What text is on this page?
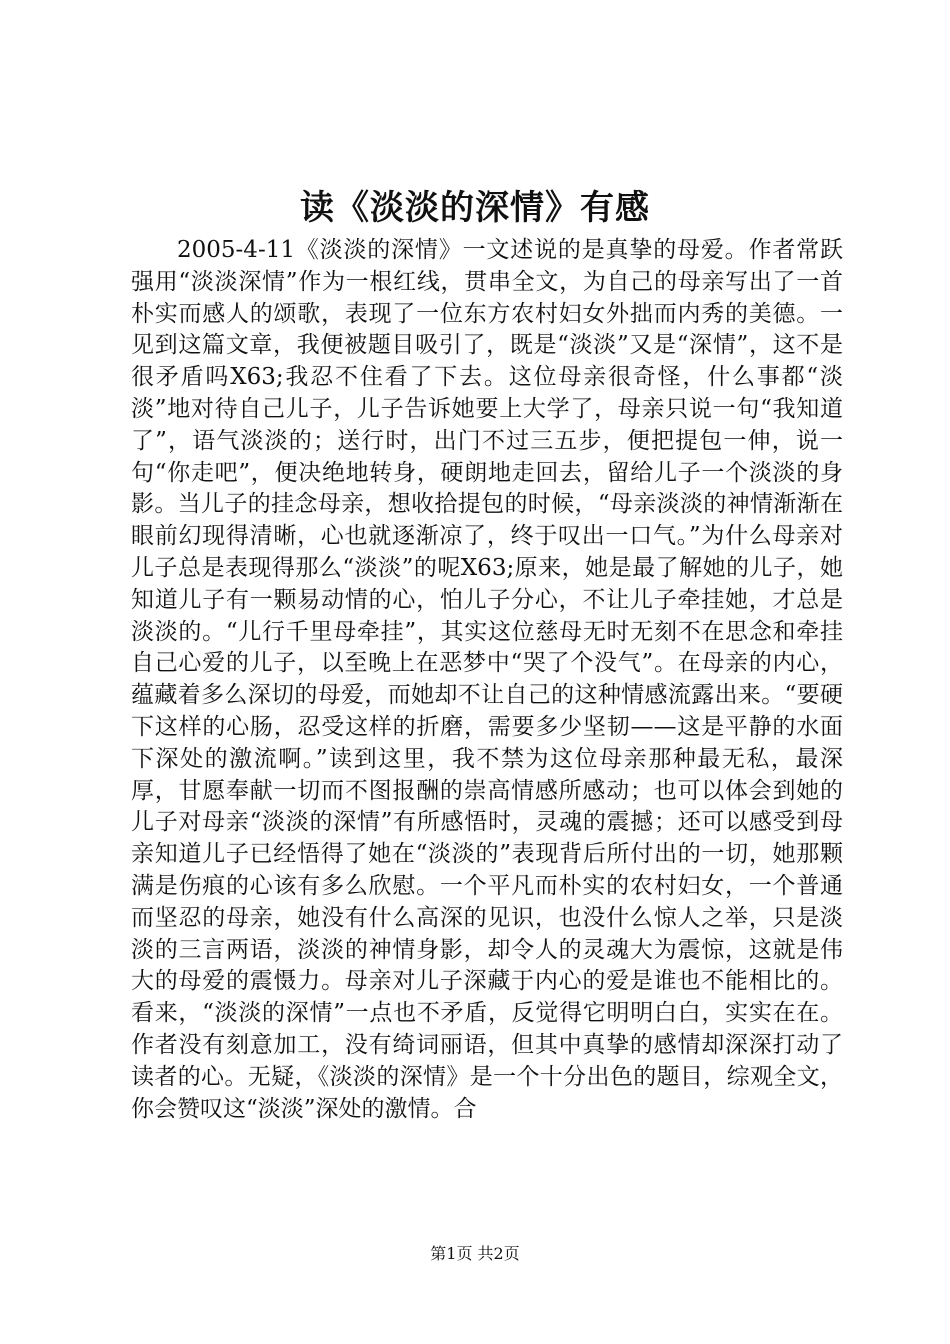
读《淡淡的深情》有感

2005-4-11《淡淡的深情》一文述说的是真挚的母爱。作者常跃强用“淡淡深情”作为一根红线，贯串全文，为自己的母亲写出了一首朴实而感人的颂歌，表现了一位东方农村妇女外拙而内秀的美德。一见到这篇文章，我便被题目吸引了，既是“淡淡”又是“深情”，这不是很矛盾吗X63;我忍不住看了下去。这位母亲很奇怪，什么事都“淡淡”地对待自己儿子，儿子告诉她要上大学了，母亲只说一句“我知道了”，语气淡淡的；送行时，出门不过三五步，便把提包一伸，说一句“你走吧”，便决绝地转身，硬朗地走回去，留给儿子一个淡淡的身影。当儿子的挂念母亲，想收拾提包的时候，“母亲淡淡的神情渐渐在眼前幻现得清晰，心也就逐渐凉了，终于叹出一口气。”为什么母亲对儿子总是表现得那么“淡淡”的呢X63;原来，她是最了解她的儿子，她知道儿子有一颗易动情的心，怕儿子分心，不让儿子牵挂她，才总是淡淡的。“儿行千里母牵挂”，其实这位慈母无时无刻不在思念和牵挂自己心爱的儿子，以至晚上在恶梦中“哭了个没气”。在母亲的内心，蕴藏着多么深切的母爱，而她却不让自己的这种情感流露出来。“要硬下这样的心肠，忍受这样的折磨，需要多少坚韧——这是平静的水面下深处的激流啊。”读到这里，我不禁为这位母亲那种最无私，最深厚，甘愿奉献一切而不图报酬的崇高情感所感动；也可以体会到她的儿子对母亲“淡淡的深情”有所感悟时，灵魂的震撼；还可以感受到母亲知道儿子已经悟得了她在“淡淡的”表现背后所付出的一切，她那颗满是伤痕的心该有多么欣慰。一个平凡而朴实的农村妇女，一个普通而坚忍的母亲，她没有什么高深的见识，也没什么惊人之举，只是淡淡的三言两语，淡淡的神情身影，却令人的灵魂大为震惊，这就是伟大的母爱的震慑力。母亲对儿子深藏于内心的爱是谁也不能相比的。看来，“淡淡的深情”一点也不矛盾，反觉得它明明白白，实实在在。作者没有刻意加工，没有绮词丽语，但其中真挚的感情却深深打动了读者的心。无疑，《淡淡的深情》是一个十分出色的题目，综观全文，你会赞叹这“淡淡”深处的激情。合

第1页 共2页
